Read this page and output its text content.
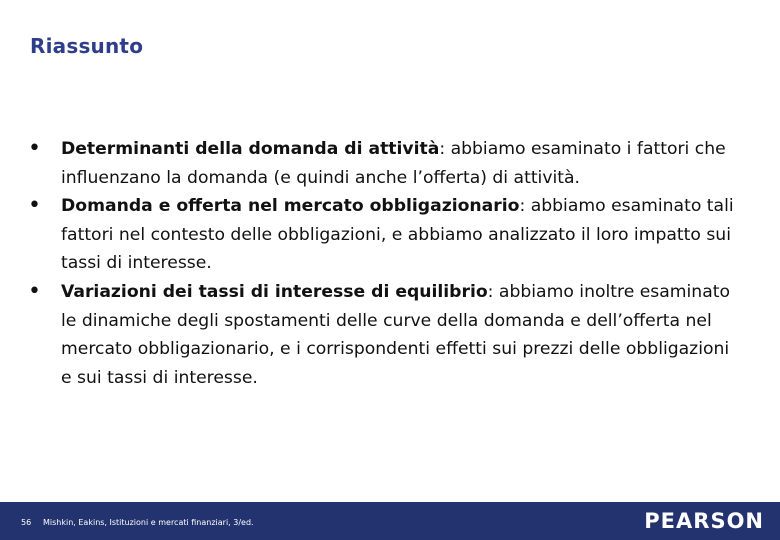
Riassunto
• Determinanti della domanda di attività: abbiamo esaminato i fattori che influenzano la domanda (e quindi anche l’offerta) di attività.
• Domanda e offerta nel mercato obbligazionario: abbiamo esaminato tali fattori nel contesto delle obbligazioni, e abbiamo analizzato il loro impatto sui tassi di interesse.
• Variazioni dei tassi di interesse di equilibrio: abbiamo inoltre esaminato le dinamiche degli spostamenti delle curve della domanda e dell’offerta nel mercato obbligazionario, e i corrispondenti effetti sui prezzi delle obbligazioni e sui tassi di interesse.
56 Mishkin, Eakins, Istituzioni e mercati finanziari, 3/ed.	PEARSON
